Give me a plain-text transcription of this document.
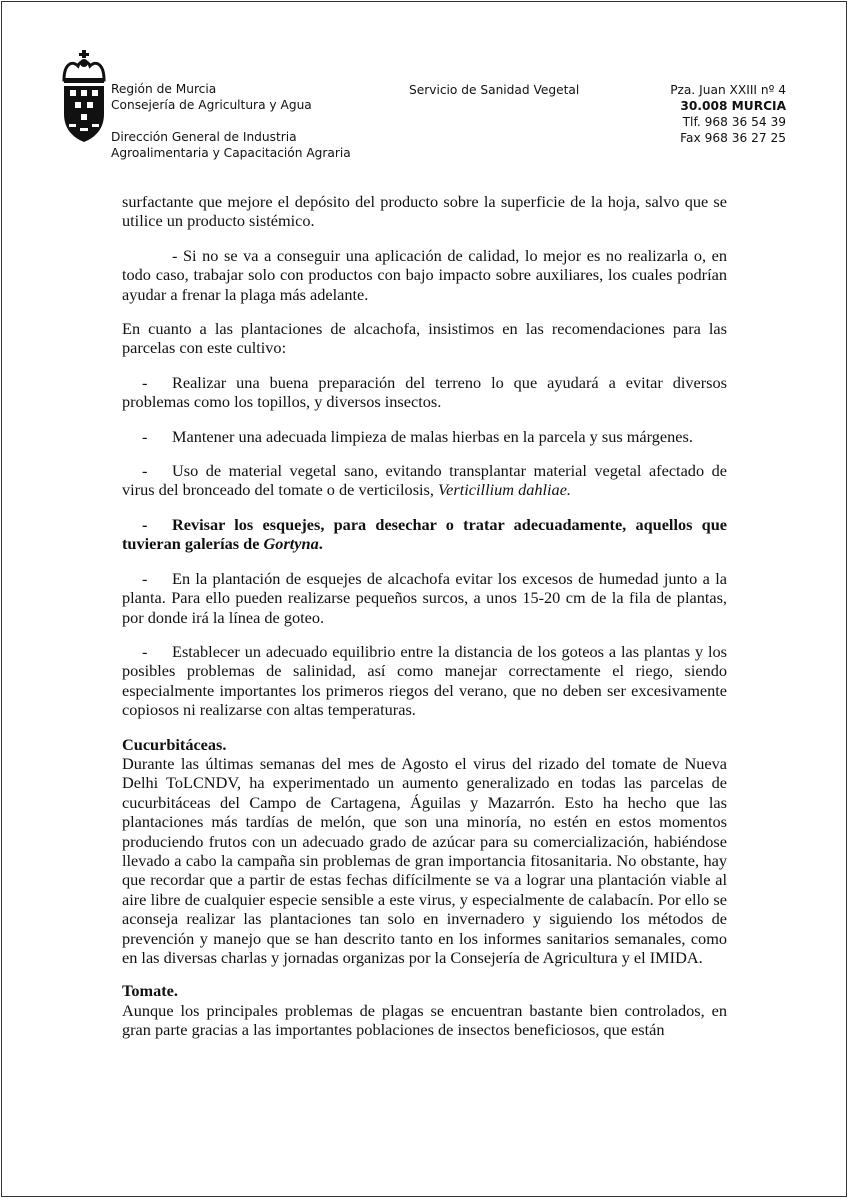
Región de Murcia
Consejería de Agricultura y Agua
Dirección General de Industria
Agroalimentaria y Capacitación Agraria
Servicio de Sanidad Vegetal	Pza. Juan XXIII nº 4
30.008 MURCIA
Tlf. 968 36 54 39
Fax 968 36 27 25

surfactante que mejore el depósito del producto sobre la superficie de la hoja, salvo que se utilice un producto sistémico.

- Si no se va a conseguir una aplicación de calidad, lo mejor es no realizarla o, en todo caso, trabajar solo con productos con bajo impacto sobre auxiliares, los cuales podrían ayudar a frenar la plaga más adelante.

En cuanto a las plantaciones de alcachofa, insistimos en las recomendaciones para las parcelas con este cultivo:

- Realizar una buena preparación del terreno lo que ayudará a evitar diversos problemas como los topillos, y diversos insectos.

- Mantener una adecuada limpieza de malas hierbas en la parcela y sus márgenes.

- Uso de material vegetal sano, evitando transplantar material vegetal afectado de virus del bronceado del tomate o de verticilosis, Verticillium dahliae.

- Revisar los esquejes, para desechar o tratar adecuadamente, aquellos que tuvieran galerías de Gortyna.

- En la plantación de esquejes de alcachofa evitar los excesos de humedad junto a la planta. Para ello pueden realizarse pequeños surcos, a unos 15-20 cm de la fila de plantas, por donde irá la línea de goteo.

- Establecer un adecuado equilibrio entre la distancia de los goteos a las plantas y los posibles problemas de salinidad, así como manejar correctamente el riego, siendo especialmente importantes los primeros riegos del verano, que no deben ser excesivamente copiosos ni realizarse con altas temperaturas.

Cucurbitáceas.

Durante las últimas semanas del mes de Agosto el virus del rizado del tomate de Nueva Delhi ToLCNDV, ha experimentado un aumento generalizado en todas las parcelas de cucurbitáceas del Campo de Cartagena, Águilas y Mazarrón. Esto ha hecho que las plantaciones más tardías de melón, que son una minoría, no estén en estos momentos produciendo frutos con un adecuado grado de azúcar para su comercialización, habiéndose llevado a cabo la campaña sin problemas de gran importancia fitosanitaria. No obstante, hay que recordar que a partir de estas fechas difícilmente se va a lograr una plantación viable al aire libre de cualquier especie sensible a este virus, y especialmente de calabacín. Por ello se aconseja realizar las plantaciones tan solo en invernadero y siguiendo los métodos de prevención y manejo que se han descrito tanto en los informes sanitarios semanales, como en las diversas charlas y jornadas organizas por la Consejería de Agricultura y el IMIDA.

Tomate.

Aunque los principales problemas de plagas se encuentran bastante bien controlados, en gran parte gracias a las importantes poblaciones de insectos beneficiosos, que están
